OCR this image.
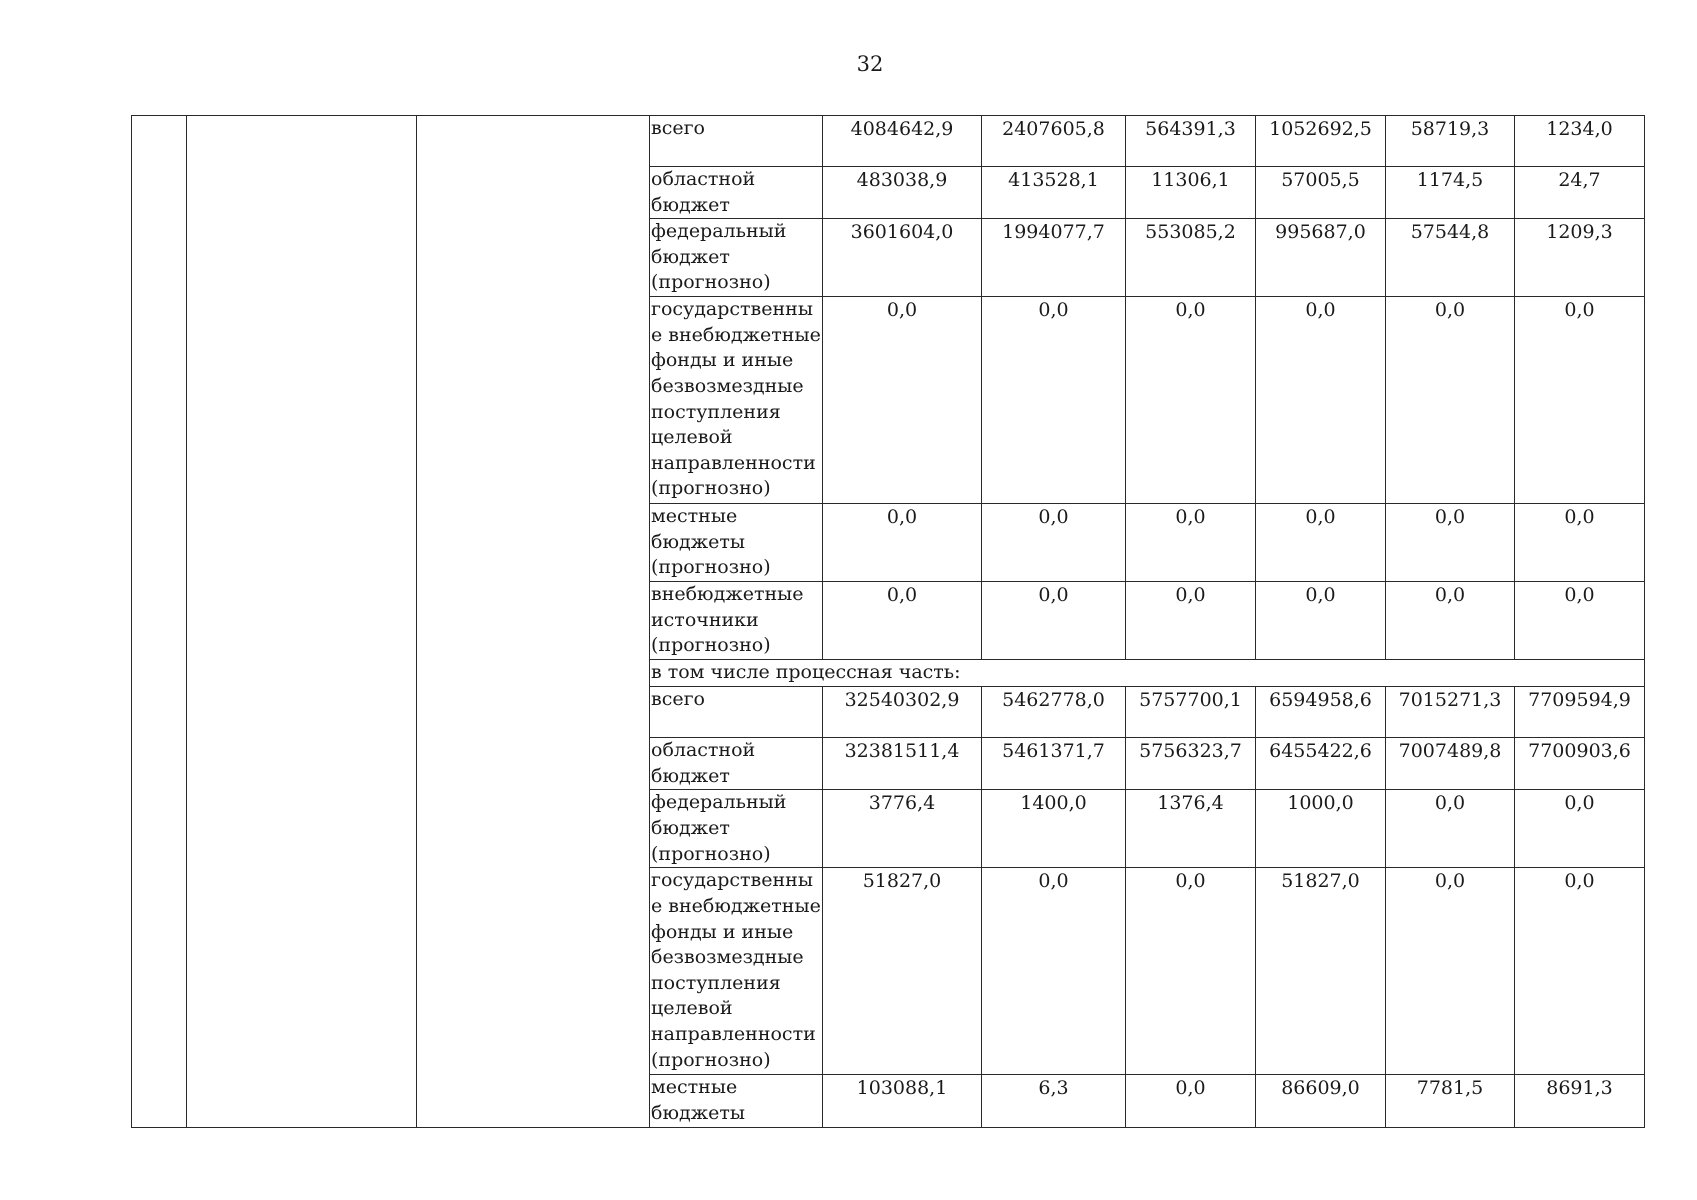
32
			всего	4084642,9	2407605,8	564391,3	1052692,5	58719,3	1234,0
			областной бюджет	483038,9	413528,1	11306,1	57005,5	1174,5	24,7
			федеральный бюджет (прогнозно)	3601604,0	1994077,7	553085,2	995687,0	57544,8	1209,3
			государственные внебюджетные фонды и иные безвозмездные поступления целевой направленности (прогнозно)	0,0	0,0	0,0	0,0	0,0	0,0
			местные бюджеты (прогнозно)	0,0	0,0	0,0	0,0	0,0	0,0
			внебюджетные источники (прогнозно)	0,0	0,0	0,0	0,0	0,0	0,0
			в том числе процессная часть:						
			всего	32540302,9	5462778,0	5757700,1	6594958,6	7015271,3	7709594,9
			областной бюджет	32381511,4	5461371,7	5756323,7	6455422,6	7007489,8	7700903,6
			федеральный бюджет (прогнозно)	3776,4	1400,0	1376,4	1000,0	0,0	0,0
			государственные внебюджетные фонды и иные безвозмездные поступления целевой направленности (прогнозно)	51827,0	0,0	0,0	51827,0	0,0	0,0
			местные бюджеты	103088,1	6,3	0,0	86609,0	7781,5	8691,3
